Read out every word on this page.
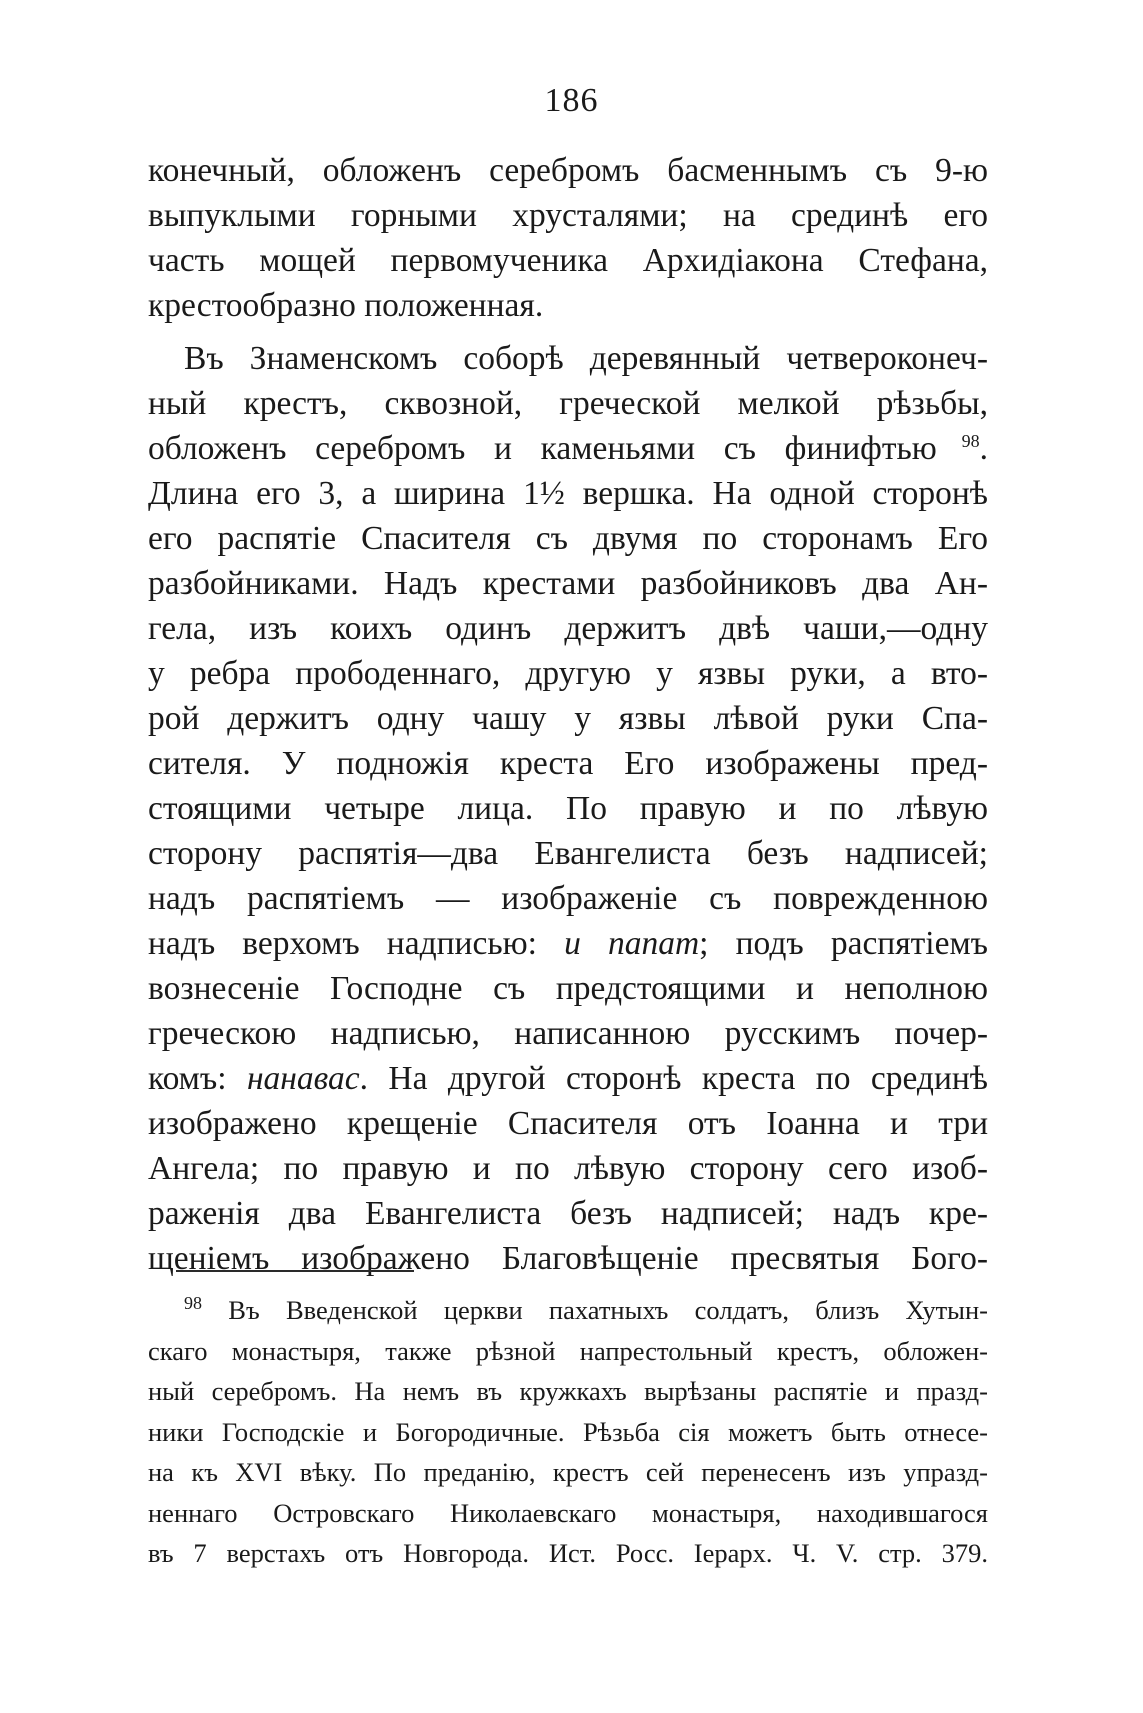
186
конечный, обложенъ серебромъ басменнымъ съ 9-ю
выпуклыми горными хрусталями; на срединѣ его
часть мощей первомученика Архидiакона Стефана,
крестообразно положенная.
Въ Знаменскомъ соборѣ деревянный четвероконеч-
ный крестъ, сквозной, греческой мелкой рѣзьбы,
обложенъ серебромъ и каменьями съ финифтью $^{98}$.
Длина его 3, а ширина 1½ вершка. На одной сторонѣ
его распятiе Спасителя съ двумя по сторонамъ Его
разбойниками. Надъ крестами разбойниковъ два Ан-
гела, изъ коихъ одинъ держитъ двѣ чаши,—одну
у ребра прободеннаго, другую у язвы руки, а вто-
рой держитъ одну чашу у язвы лѣвой руки Спа-
сителя. У подножiя креста Его изображены пред-
стоящими четыре лица. По правую и по лѣвую
сторону распятiя—два Евангелиста безъ надписей;
надъ распятiемъ — изображенiе съ поврежденною
надъ верхомъ надписью: и папат; подъ распятiемъ
вознесенiе Господне съ предстоящими и неполною
греческою надписью, написанною русскимъ почер-
комъ: нанавас. На другой сторонѣ креста по срединѣ
изображено крещенiе Спасителя отъ Iоанна и три
Ангела; по правую и по лѣвую сторону сего изоб-
раженiя два Евангелиста безъ надписей; надъ кре-
щенiемъ изображено Благовѣщенiе пресвятыя Бого-
$^{98}$ Въ Введенской церкви пахатныхъ солдатъ, близъ Хутын-
скаго монастыря, также рѣзной напрестольный крестъ, обложен-
ный серебромъ. На немъ въ кружкахъ вырѣзаны распятiе и празд-
ники Господскiе и Богородичные. Рѣзьба сiя можетъ быть отнесе-
на къ XVI вѣку. По преданiю, крестъ сей перенесенъ изъ упразд-
неннаго Островскаго Николаевскаго монастыря, находившагося
въ 7 верстахъ отъ Новгорода. Ист. Росс. Iерарх. Ч. V. стр. 379.
